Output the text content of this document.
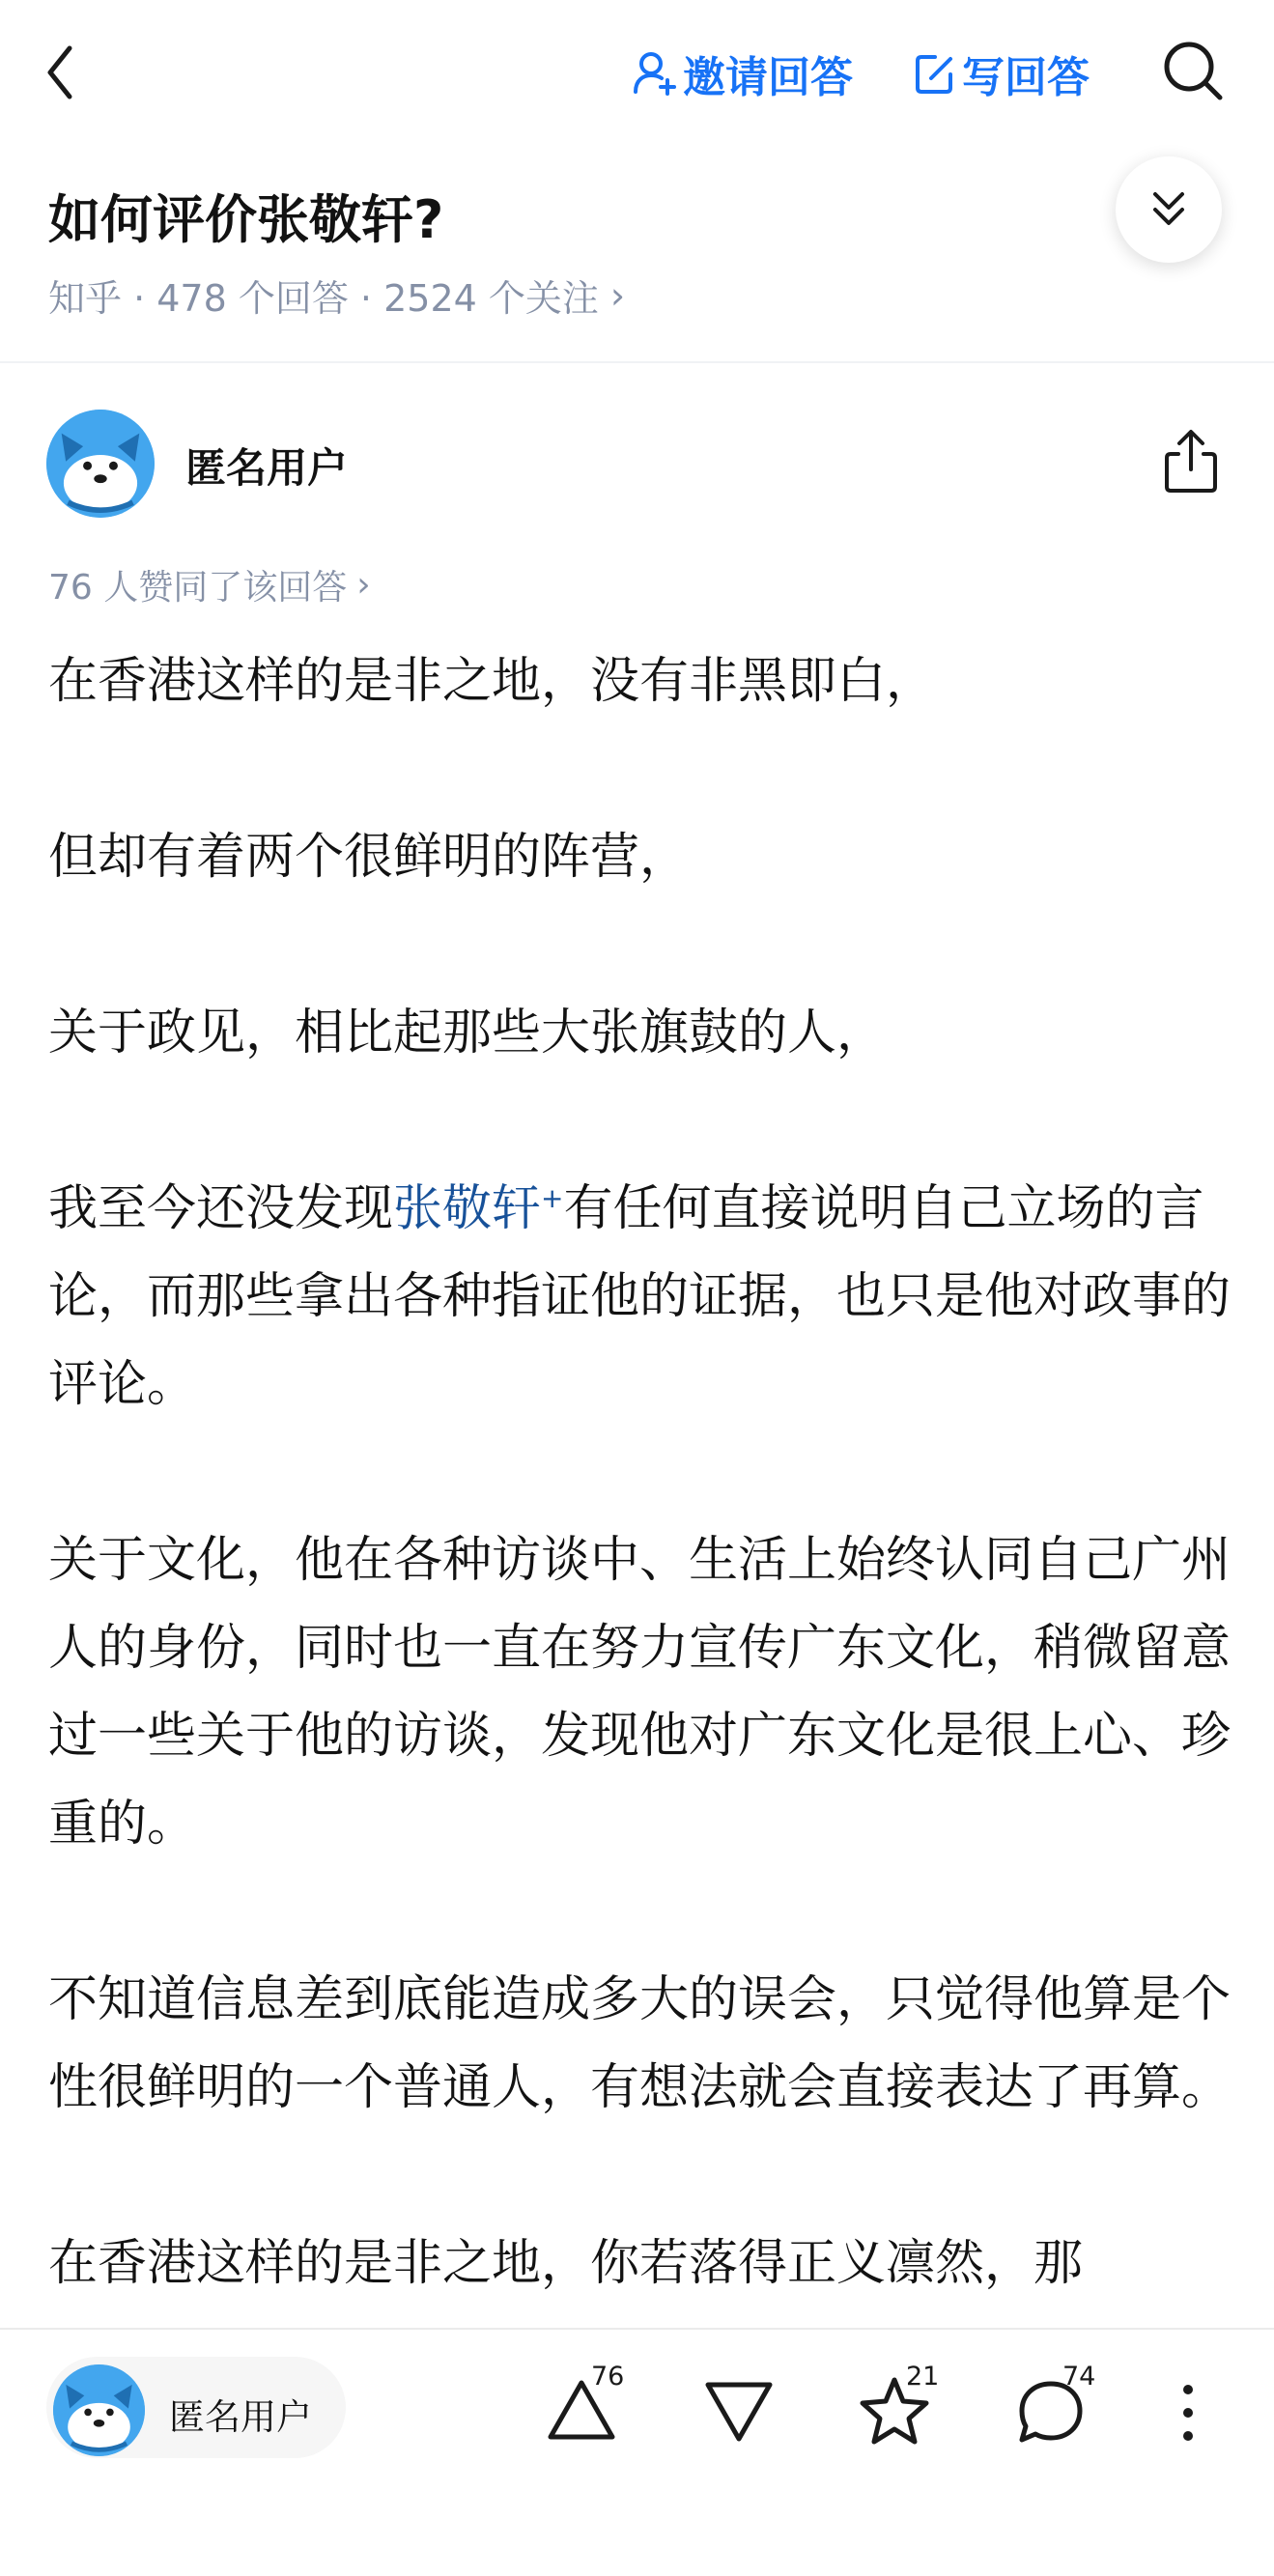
邀请回答	写回答
如何评价张敬轩?
知乎 · 478 个回答 · 2524 个关注 ›
匿名用户
76 人赞同了该回答 ›

在香港这样的是非之地，没有非黑即白，

但却有着两个很鲜明的阵营，

关于政见，相比起那些大张旗鼓的人，

我至今还没发现张敬轩+有任何直接说明自己立场的言论，而那些拿出各种指证他的证据，也只是他对政事的评论。

关于文化，他在各种访谈中、生活上始终认同自己广州人的身份，同时也一直在努力宣传广东文化，稍微留意过一些关于他的访谈，发现他对广东文化是很上心、珍重的。

不知道信息差到底能造成多大的误会，只觉得他算是个性很鲜明的一个普通人，有想法就会直接表达了再算。

在香港这样的是非之地，你若落得正义凛然，那

匿名用户
76	21	74
